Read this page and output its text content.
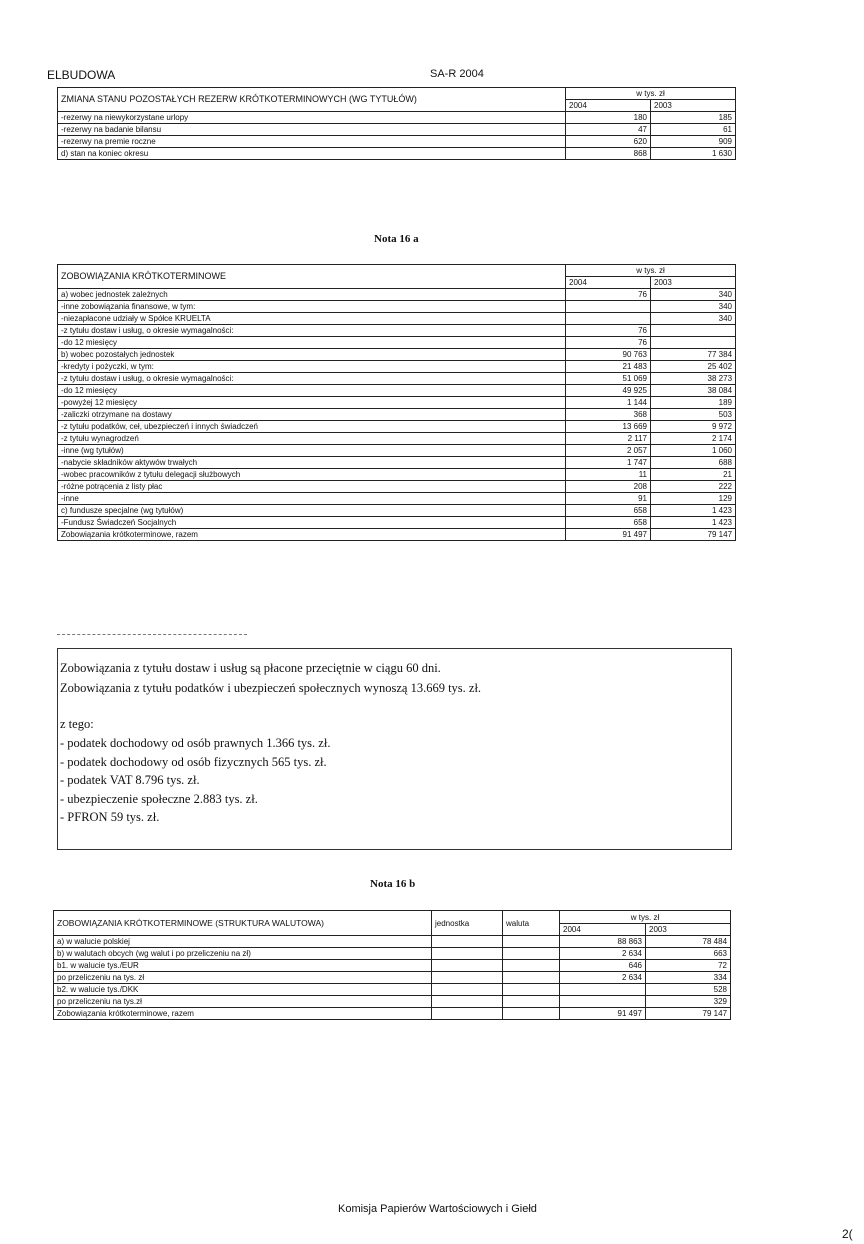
ELBUDOWA	SA-R 2004
ZMIANA STANU POZOSTAŁYCH REZERW KRÓTKOTERMINOWYCH (WG TYTUŁÓW)	w tys. zł	
	2004	2003
-rezerwy na niewykorzystane urlopy	180	185
-rezerwy na badanie bilansu	47	61
-rezerwy na premie roczne	620	909
d) stan na koniec okresu	868	1 630
Nota 16 a
ZOBOWIĄZANIA KRÓTKOTERMINOWE	w tys. zł	
	2004	2003
a) wobec jednostek zależnych	76	340
-inne zobowiązania finansowe, w tym:		340
-niezapłacone udziały w Spółce KRUELTA		340
-z tytułu dostaw i usług, o okresie wymagalności:	76	
-do 12 miesięcy	76	
b) wobec pozostałych jednostek	90 763	77 384
-kredyty i pożyczki, w tym:	21 483	25 402
-z tytułu dostaw i usług, o okresie wymagalności:	51 069	38 273
-do 12 miesięcy	49 925	38 084
-powyżej 12 miesięcy	1 144	189
-zaliczki otrzymane na dostawy	368	503
-z tytułu podatków, ceł, ubezpieczeń i innych świadczeń	13 669	9 972
-z tytułu wynagrodzeń	2 117	2 174
-inne (wg tytułów)	2 057	1 060
-nabycie składników aktywów trwałych	1 747	688
-wobec pracowników z tytułu delegacji służbowych	11	21
-różne potrącenia z listy płac	208	222
-inne	91	129
c) fundusze specjalne (wg tytułów)	658	1 423
-Fundusz Świadczeń Socjalnych	658	1 423
Zobowiązania krótkoterminowe, razem	91 497	79 147

Zobowiązania z tytułu dostaw i usług są płacone przeciętnie w ciągu 60 dni.

Zobowiązania z tytułu podatków i ubezpieczeń społecznych wynoszą 13.669 tys. zł.

z tego:

- podatek dochodowy od osób prawnych 1.366 tys. zł.

- podatek dochodowy od osób fizycznych 565 tys. zł.

- podatek VAT 8.796 tys. zł.

- ubezpieczenie społeczne 2.883 tys. zł.

- PFRON 59 tys. zł.

Nota 16 b
ZOBOWIĄZANIA KRÓTKOTERMINOWE (STRUKTURA WALUTOWA)	jednostka	waluta	w tys. zł	
			2004	2003
a) w walucie polskiej			88 863	78 484
b) w walutach obcych (wg walut i po przeliczeniu na zł)			2 634	663
b1. w walucie tys./EUR			646	72
po przeliczeniu na tys. zł			2 634	334
b2. w walucie tys./DKK				528
po przeliczeniu na tys.zł				329
Zobowiązania krótkoterminowe, razem			91 497	79 147
Komisja Papierów Wartościowych i Giełd
2(
